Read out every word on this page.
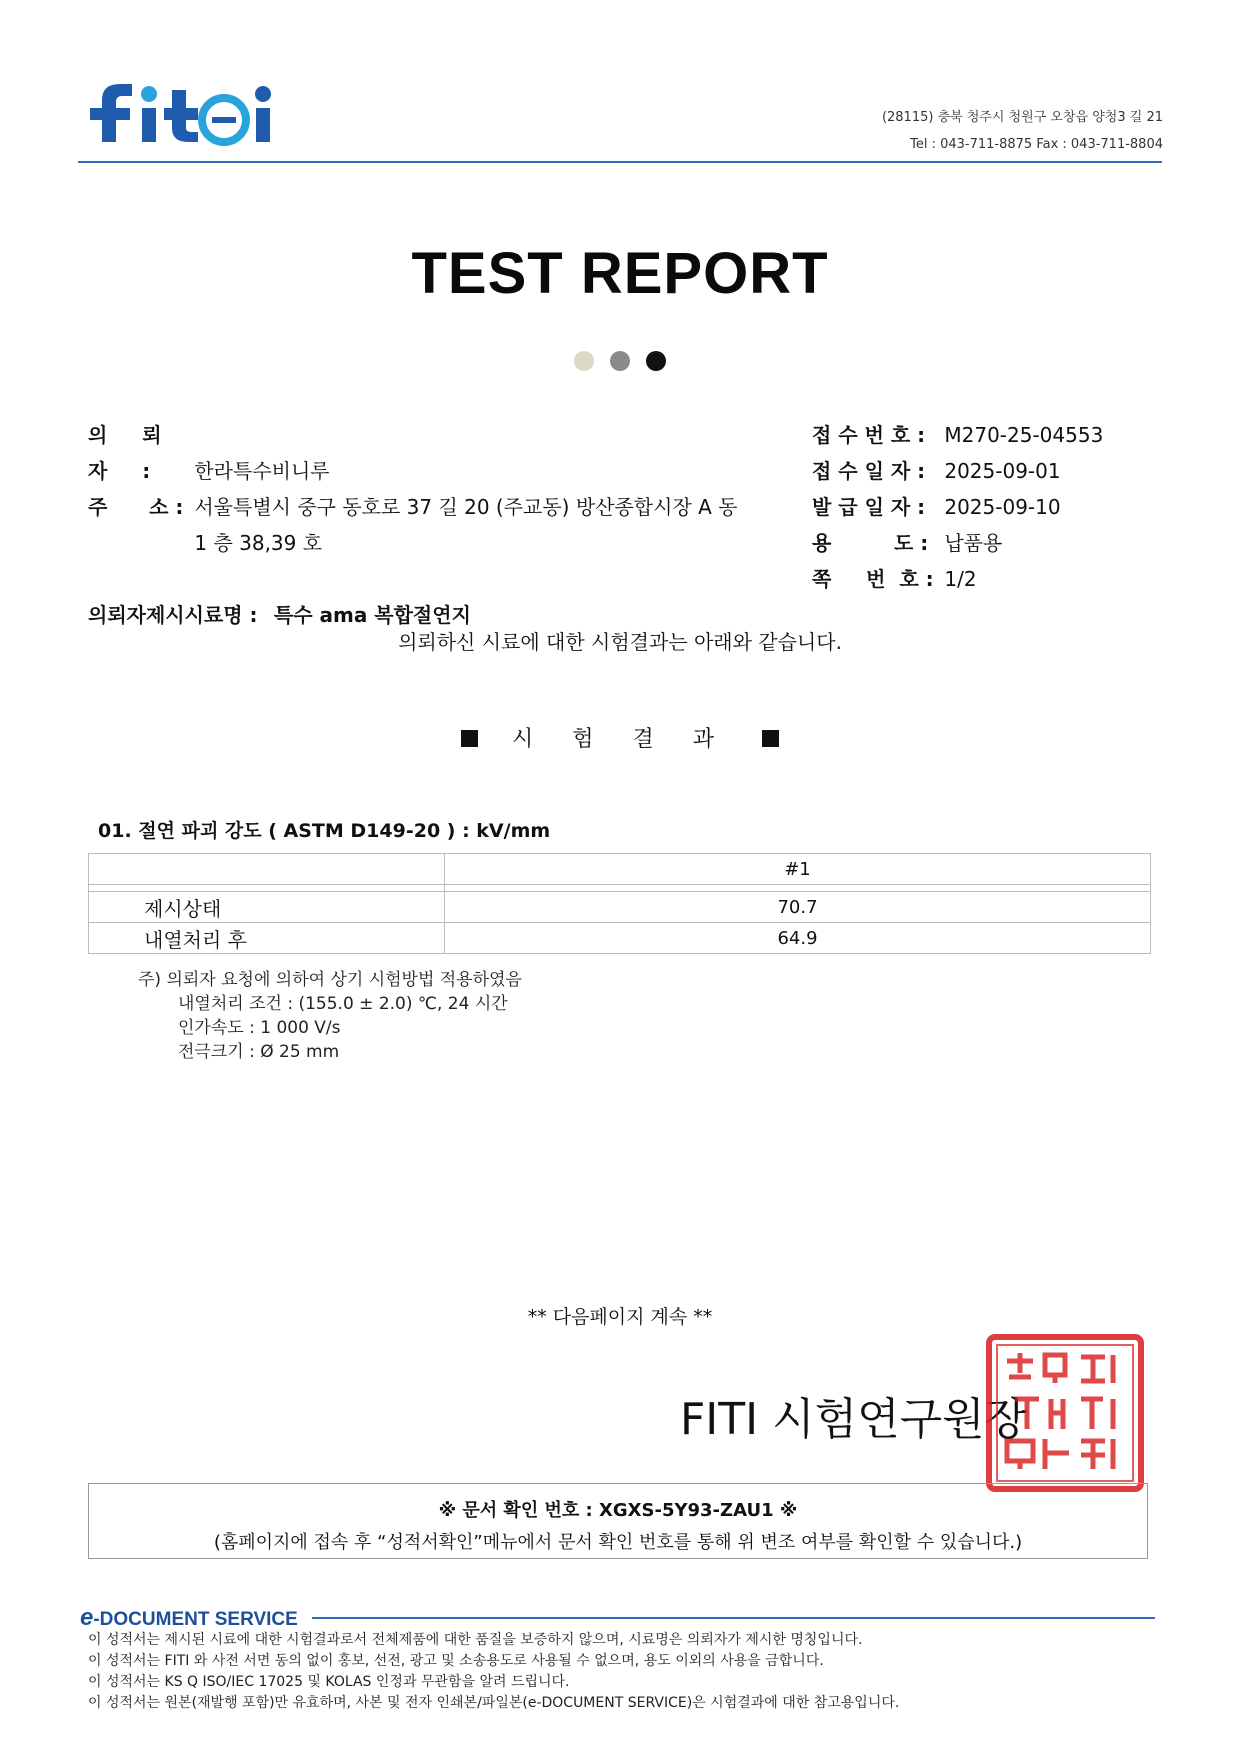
(28115) 충북 청주시 청원구 오창읍 양청3 길 21
Tel : 043-711-8875 Fax : 043-711-8804
TEST REPORT

의 뢰 자 : 한라특수비니루
주      소 : 서울특별시 중구 동호로 37 길 20 (주교동) 방산종합시장 A 동
1 층 38,39 호
의뢰자제시시료명 : 특수 ama 복합절연지
접 수 번 호 : M270-25-04553
접 수 일 자 : 2025-09-01
발 급 일 자 : 2025-09-10
용         도 : 납품용
쪽     번  호 : 1/2
의뢰하신 시료에 대한 시험결과는 아래와 같습니다.
시 험 결 과
01. 절연 파괴 강도 ( ASTM D149-20 ) : kV/mm
	#1

제시상태	70.7
내열처리 후	64.9
주) 의뢰자 요청에 의하여 상기 시험방법 적용하였음
내열처리 조건 : (155.0 ± 2.0) ℃, 24 시간
인가속도 : 1 000 V/s
전극크기 : Ø 25 mm
** 다음페이지 계속 **
FITI 시험연구원장
※ 문서 확인 번호 : XGXS-5Y93-ZAU1 ※
(홈페이지에 접속 후 “성적서확인”메뉴에서 문서 확인 번호를 통해 위 변조 여부를 확인할 수 있습니다.)
e-DOCUMENT SERVICE
이 성적서는 제시된 시료에 대한 시험결과로서 전체제품에 대한 품질을 보증하지 않으며, 시료명은 의뢰자가 제시한 명칭입니다.
이 성적서는 FITI 와 사전 서면 동의 없이 홍보, 선전, 광고 및 소송용도로 사용될 수 없으며, 용도 이외의 사용을 금합니다.
이 성적서는 KS Q ISO/IEC 17025 및 KOLAS 인정과 무관함을 알려 드립니다.
이 성적서는 원본(재발행 포함)만 유효하며, 사본 및 전자 인쇄본/파일본(e-DOCUMENT SERVICE)은 시험결과에 대한 참고용입니다.
